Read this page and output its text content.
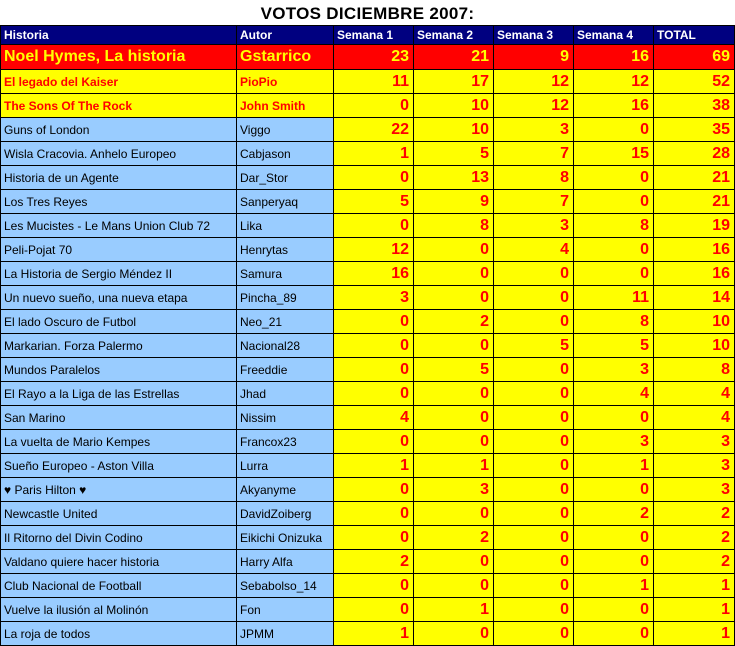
VOTOS DICIEMBRE 2007:
Historia	Autor	Semana 1	Semana 2	Semana 3	Semana 4	TOTAL
Noel Hymes, La historia	Gstarrico	23	21	9	16	69
El legado del Kaiser	PioPio	11	17	12	12	52
The Sons Of The Rock	John Smith	0	10	12	16	38
Guns of London	Viggo	22	10	3	0	35
Wisla Cracovia. Anhelo Europeo	Cabjason	1	5	7	15	28
Historia de un Agente	Dar_Stor	0	13	8	0	21
Los Tres Reyes	Sanperyaq	5	9	7	0	21
Les Mucistes - Le Mans Union Club 72	Lika	0	8	3	8	19
Peli-Pojat 70	Henrytas	12	0	4	0	16
La Historia de Sergio Méndez II	Samura	16	0	0	0	16
Un nuevo sueño, una nueva etapa	Pincha_89	3	0	0	11	14
El lado Oscuro de Futbol	Neo_21	0	2	0	8	10
Markarian. Forza Palermo	Nacional28	0	0	5	5	10
Mundos Paralelos	Freeddie	0	5	0	3	8
El Rayo a la Liga de las Estrellas	Jhad	0	0	0	4	4
San Marino	Nissim	4	0	0	0	4
La vuelta de Mario Kempes	Francox23	0	0	0	3	3
Sueño Europeo - Aston Villa	Lurra	1	1	0	1	3
♥ Paris Hilton ♥	Akyanyme	0	3	0	0	3
Newcastle United	DavidZoiberg	0	0	0	2	2
Il Ritorno del Divin Codino	Eikichi Onizuka	0	2	0	0	2
Valdano quiere hacer historia	Harry Alfa	2	0	0	0	2
Club Nacional de Football	Sebabolso_14	0	0	0	1	1
Vuelve la ilusión al Molinón	Fon	0	1	0	0	1
La roja de todos	JPMM	1	0	0	0	1
